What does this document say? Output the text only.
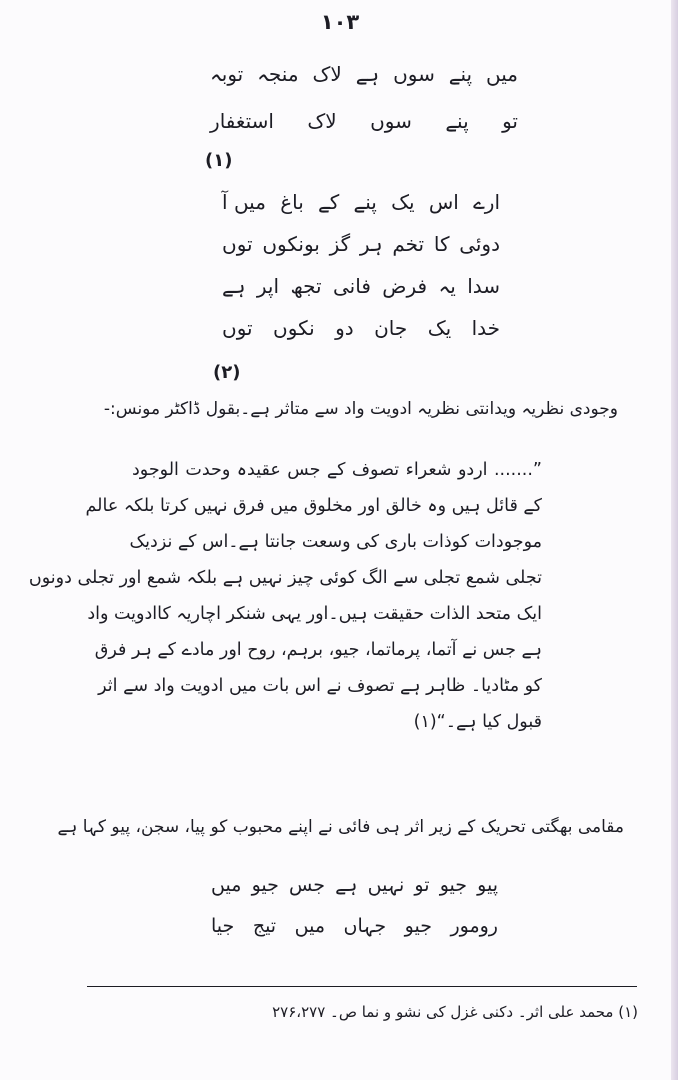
١٠٣
میں
پنے
سوں
ہے
لاک
منجہ
توبہ
تو
پنے
سوں
لاک
استغفار
(۱)
ارے
اس
یک
پنے
کے
باغ
میں آ
دوئی
کا
تخم
ہر
گز
بونکوں
توں
سدا
یہ
فرض
فانی
تجھ
اپر
ہے
خدا
یک
جان
دو
نکوں
توں
(۲)

وجودی نظریہ ویدانتی نظریہ ادویت واد سے متاثر ہے۔بقول ڈاکٹر مونس:-

”....... اردو شعراء تصوف کے جس عقیدہ وحدت الوجود

کے قائل ہیں وہ خالق اور مخلوق میں فرق نہیں کرتا بلکہ عالم

موجودات کوذات باری کی وسعت جانتا ہے۔اس کے نزدیک

تجلی شمع تجلی سے الگ کوئی چیز نہیں ہے بلکہ شمع اور تجلی دونوں

ایک متحد الذات حقیقت ہیں۔اور یہی شنکر اچاریہ کاادویت واد

ہے جس نے آتما، پرماتما، جیو، برہم، روح اور مادے کے ہر فرق

کو مٹادیا۔ ظاہر ہے تصوف نے اس بات میں ادویت واد سے اثر

قبول کیا ہے۔“(۱)

مقامی بھگتی تحریک کے زیر اثر ہی فائی نے اپنے محبوب کو پیا، سجن، پیو کہا ہے

پیو
جیو
تو
نہیں
ہے
جس
جیو
میں
رومور
جیو
جہاں
میں
تیج
جیا

(۱) محمد علی اثر۔ دکنی غزل کی نشو و نما ص۔ ۲۷۶،۲۷۷
